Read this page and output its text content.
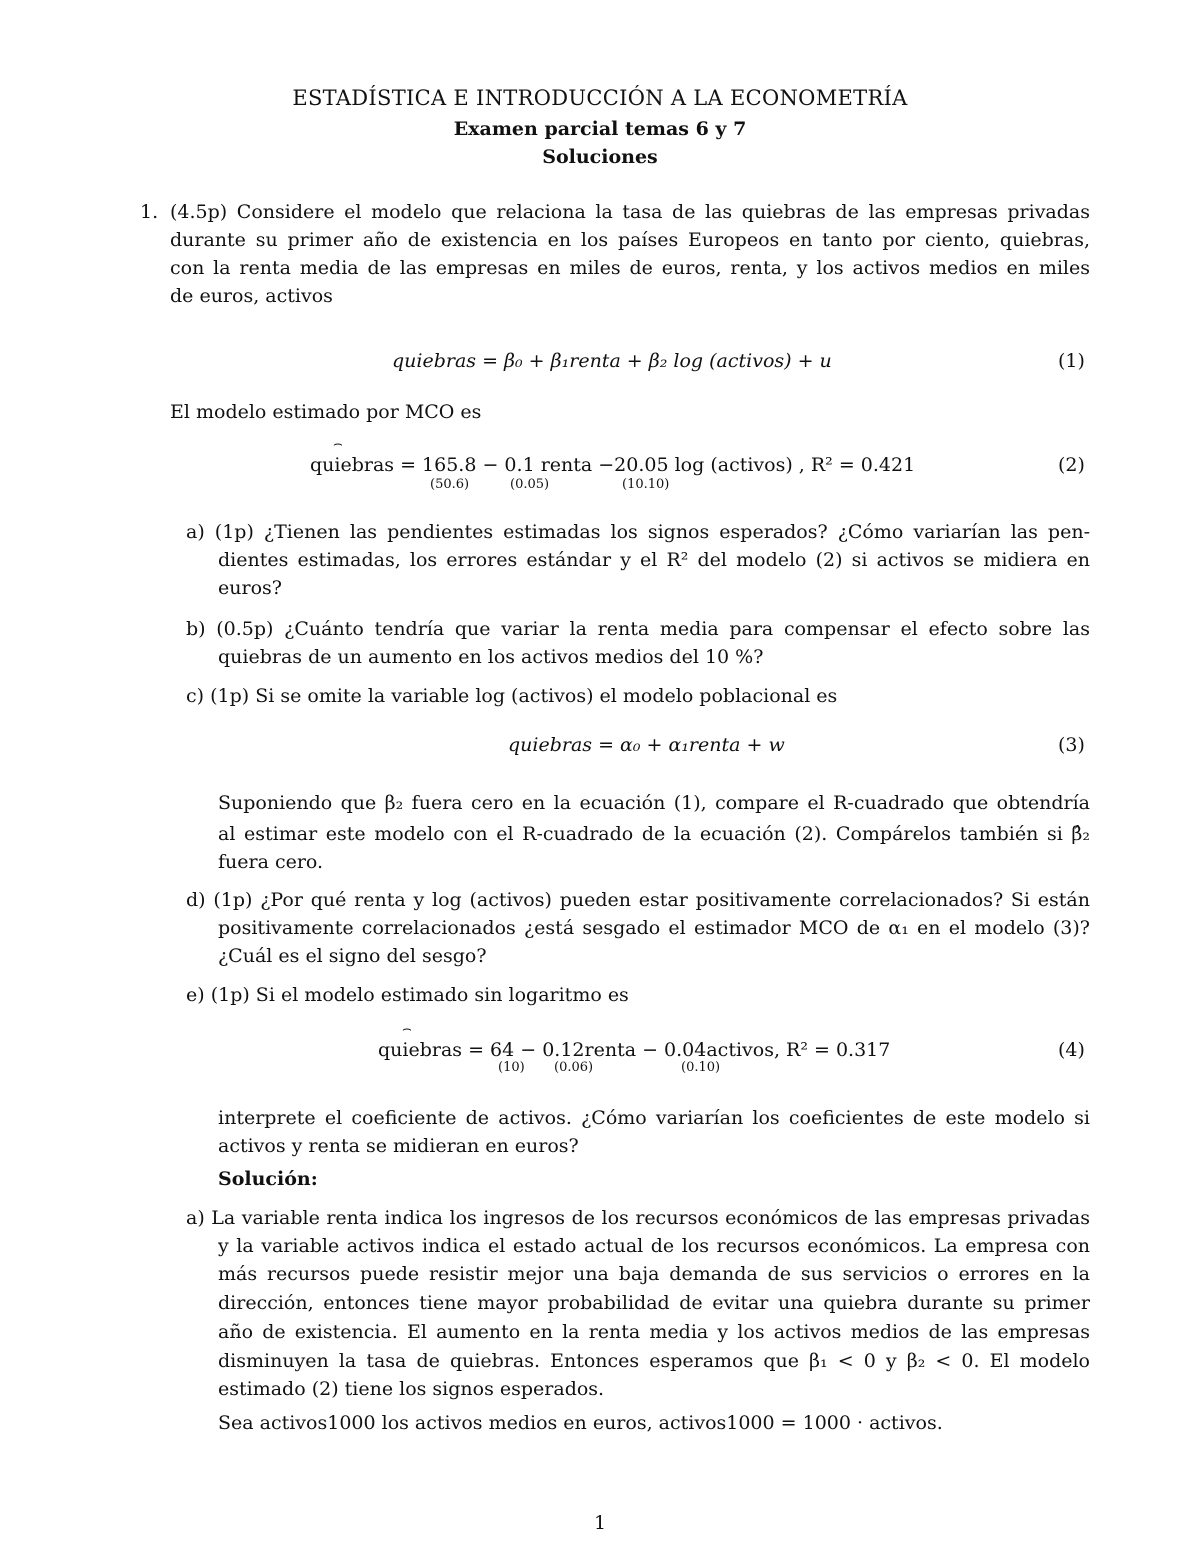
ESTADÍSTICA E INTRODUCCIÓN A LA ECONOMETRÍA
Examen parcial temas 6 y 7
Soluciones
1. (4.5p) Considere el modelo que relaciona la tasa de las quiebras de las empresas privadas
durante su primer año de existencia en los países Europeos en tanto por ciento, quiebras,
con la renta media de las empresas en miles de euros, renta, y los activos medios en miles
de euros, activos
quiebras = β₀ + β₁renta + β₂ log (activos) + u	(1)
El modelo estimado por MCO es
⌢
quiebras = 165.8 − 0.1 renta −20.05 log (activos) , R² = 0.421
(50.6)	(0.05)	(10.10)
(2)
a) (1p) ¿Tienen las pendientes estimadas los signos esperados? ¿Cómo variarían las pen-
dientes estimadas, los errores estándar y el R² del modelo (2) si activos se midiera en
euros?
b) (0.5p) ¿Cuánto tendría que variar la renta media para compensar el efecto sobre las
quiebras de un aumento en los activos medios del 10 %?
c) (1p) Si se omite la variable log (activos) el modelo poblacional es
quiebras = α₀ + α₁renta + w	(3)
Suponiendo que β₂ fuera cero en la ecuación (1), compare el R-cuadrado que obtendría
al estimar este modelo con el R-cuadrado de la ecuación (2). Compárelos también si β̂₂
fuera cero.
d) (1p) ¿Por qué renta y log (activos) pueden estar positivamente correlacionados? Si están
positivamente correlacionados ¿está sesgado el estimador MCO de α₁ en el modelo (3)?
¿Cuál es el signo del sesgo?
e) (1p) Si el modelo estimado sin logaritmo es
⌢
quiebras = 64 − 0.12renta − 0.04activos, R² = 0.317
(10) (0.06)	(0.10)
(4)
interprete el coeficiente de activos. ¿Cómo variarían los coeficientes de este modelo si
activos y renta se midieran en euros?
Solución:
a) La variable renta indica los ingresos de los recursos económicos de las empresas privadas
y la variable activos indica el estado actual de los recursos económicos. La empresa con
más recursos puede resistir mejor una baja demanda de sus servicios o errores en la
dirección, entonces tiene mayor probabilidad de evitar una quiebra durante su primer
año de existencia. El aumento en la renta media y los activos medios de las empresas
disminuyen la tasa de quiebras. Entonces esperamos que β₁ < 0 y β₂ < 0. El modelo
estimado (2) tiene los signos esperados.
Sea activos1000 los activos medios en euros, activos1000 = 1000 · activos.
1
